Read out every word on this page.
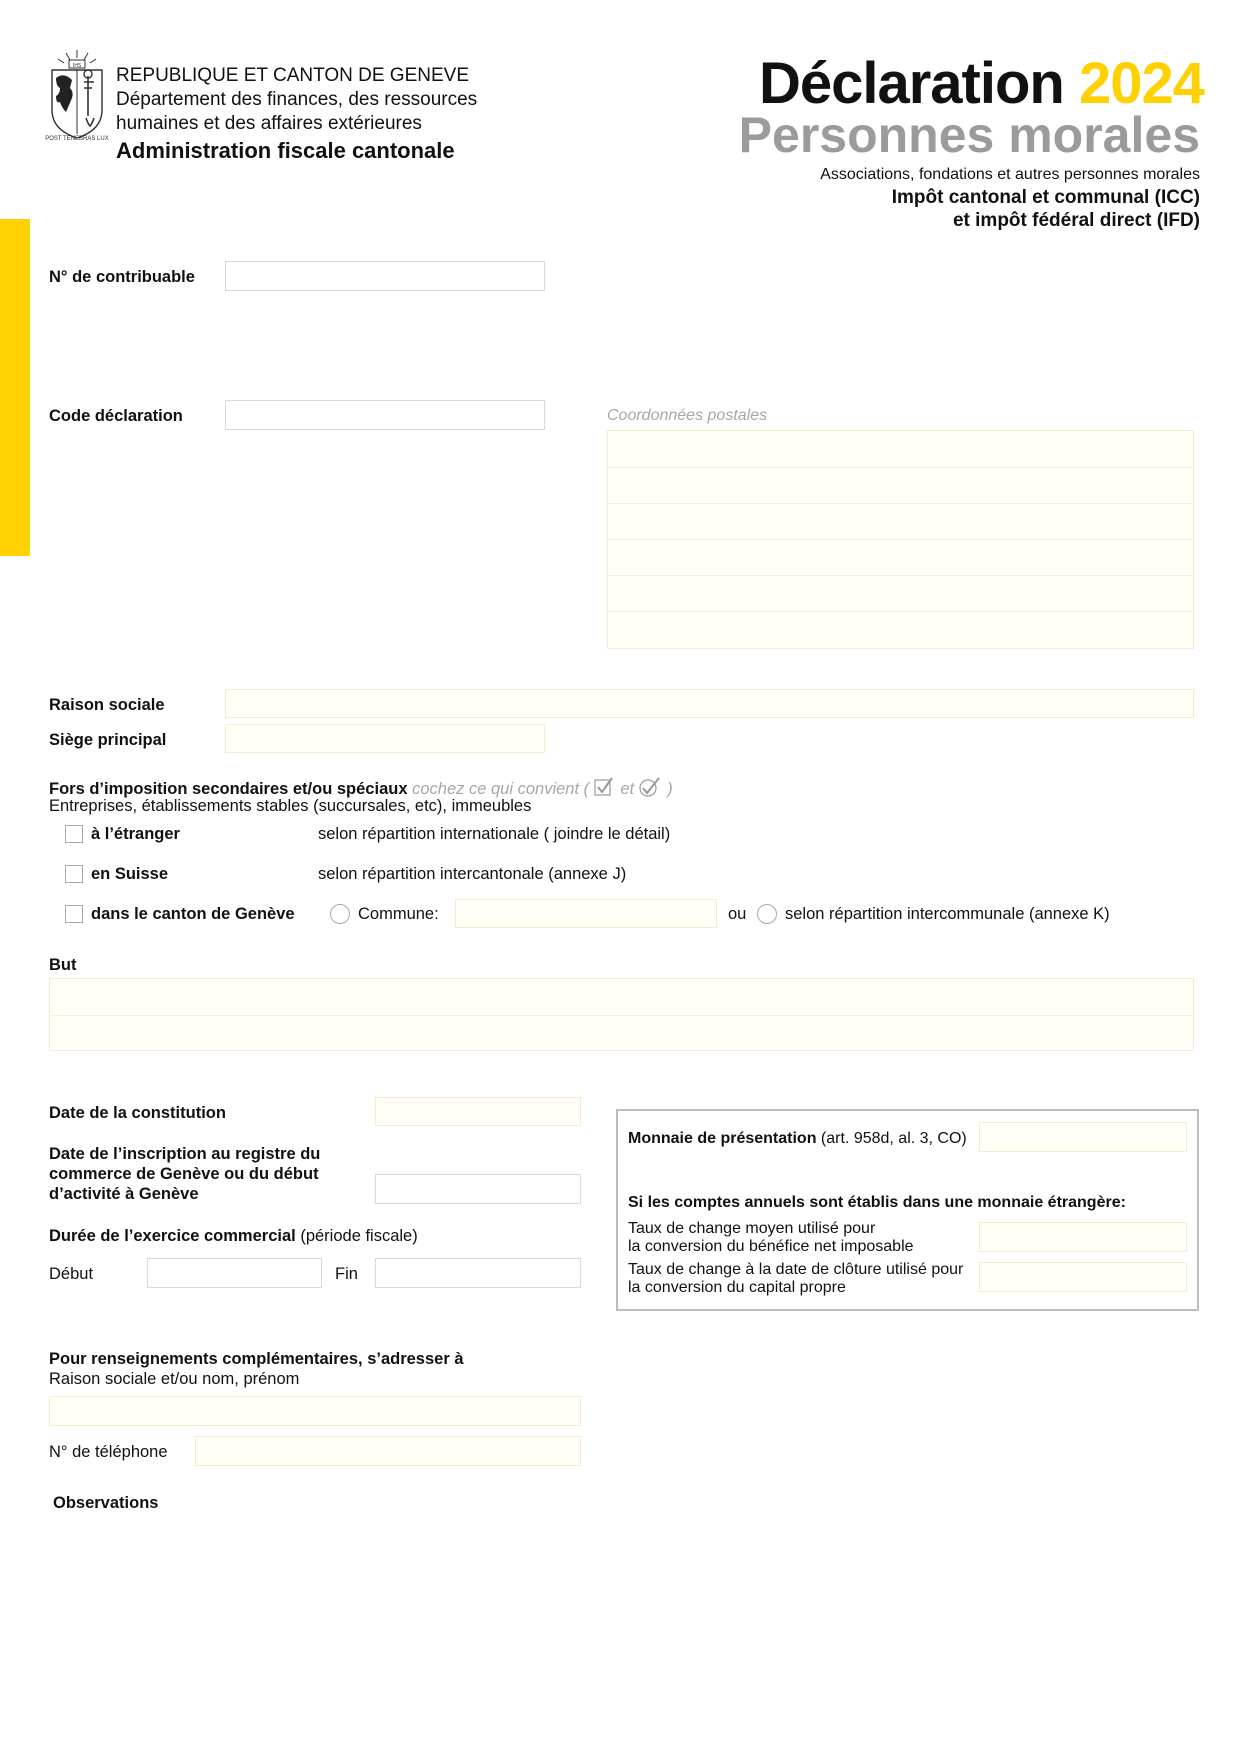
IHS
POST TENEBRAS LUX
REPUBLIQUE ET CANTON DE GENEVE
Département des finances, des ressources
humaines et des affaires extérieures
Administration fiscale cantonale
Déclaration 2024
Personnes morales
Associations, fondations et autres personnes morales
Impôt cantonal et communal (ICC)
et impôt fédéral direct (IFD)
N° de contribuable
Code déclaration	Coordonnées postales
Raison sociale
Siège principal
Fors d’imposition secondaires et/ou spéciaux cochez ce qui convient ( et )
Entreprises, établissements stables (succursales, etc), immeubles
à l’étranger	selon répartition internationale ( joindre le détail)
en Suisse	selon répartition intercantonale (annexe J)
dans le canton de Genève	Commune:	ou selon répartition intercommunale (annexe K)
But
Date de la constitution
Date de l’inscription au registre du
commerce de Genève ou du début
d’activité à Genève
Durée de l’exercice commercial (période fiscale)
Début	Fin
Monnaie de présentation (art. 958d, al. 3, CO)
Si les comptes annuels sont établis dans une monnaie étrangère:
Taux de change moyen utilisé pour
la conversion du bénéfice net imposable
Taux de change à la date de clôture utilisé pour
la conversion du capital propre
Pour renseignements complémentaires, s’adresser à
Raison sociale et/ou nom, prénom
N° de téléphone
Observations
